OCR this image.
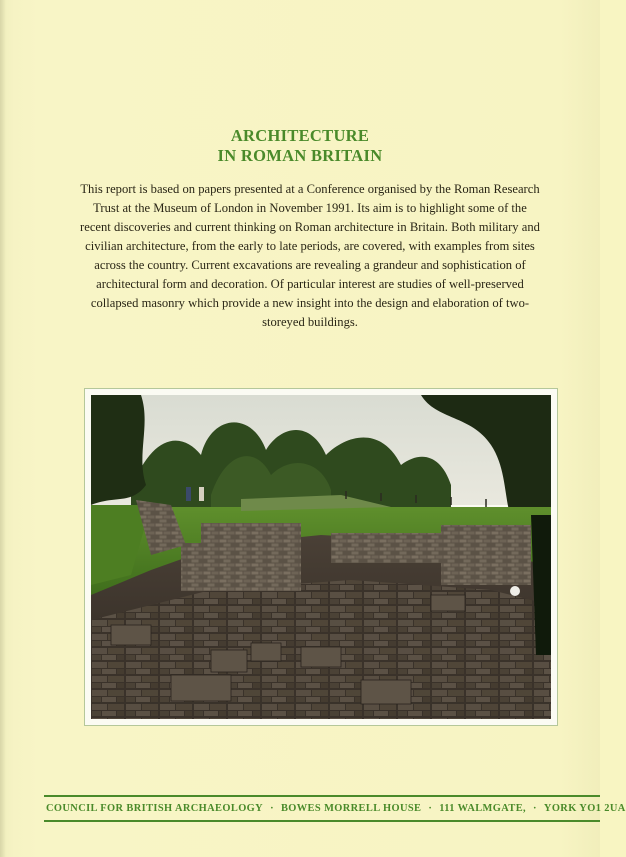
ARCHITECTURE
IN ROMAN BRITAIN
This report is based on papers presented at a Conference organised by the Roman Research Trust at the Museum of London in November 1991. Its aim is to highlight some of the recent discoveries and current thinking on Roman architecture in Britain. Both military and civilian architecture, from the early to late periods, are covered, with examples from sites across the country. Current excavations are revealing a grandeur and sophistication of architectural form and decoration. Of particular interest are studies of well-preserved collapsed masonry which provide a new insight into the design and elaboration of two-storeyed buildings.
COUNCIL FOR BRITISH ARCHAEOLOGY · BOWES MORRELL HOUSE · 111 WALMGATE, · YORK YO1 2UA
